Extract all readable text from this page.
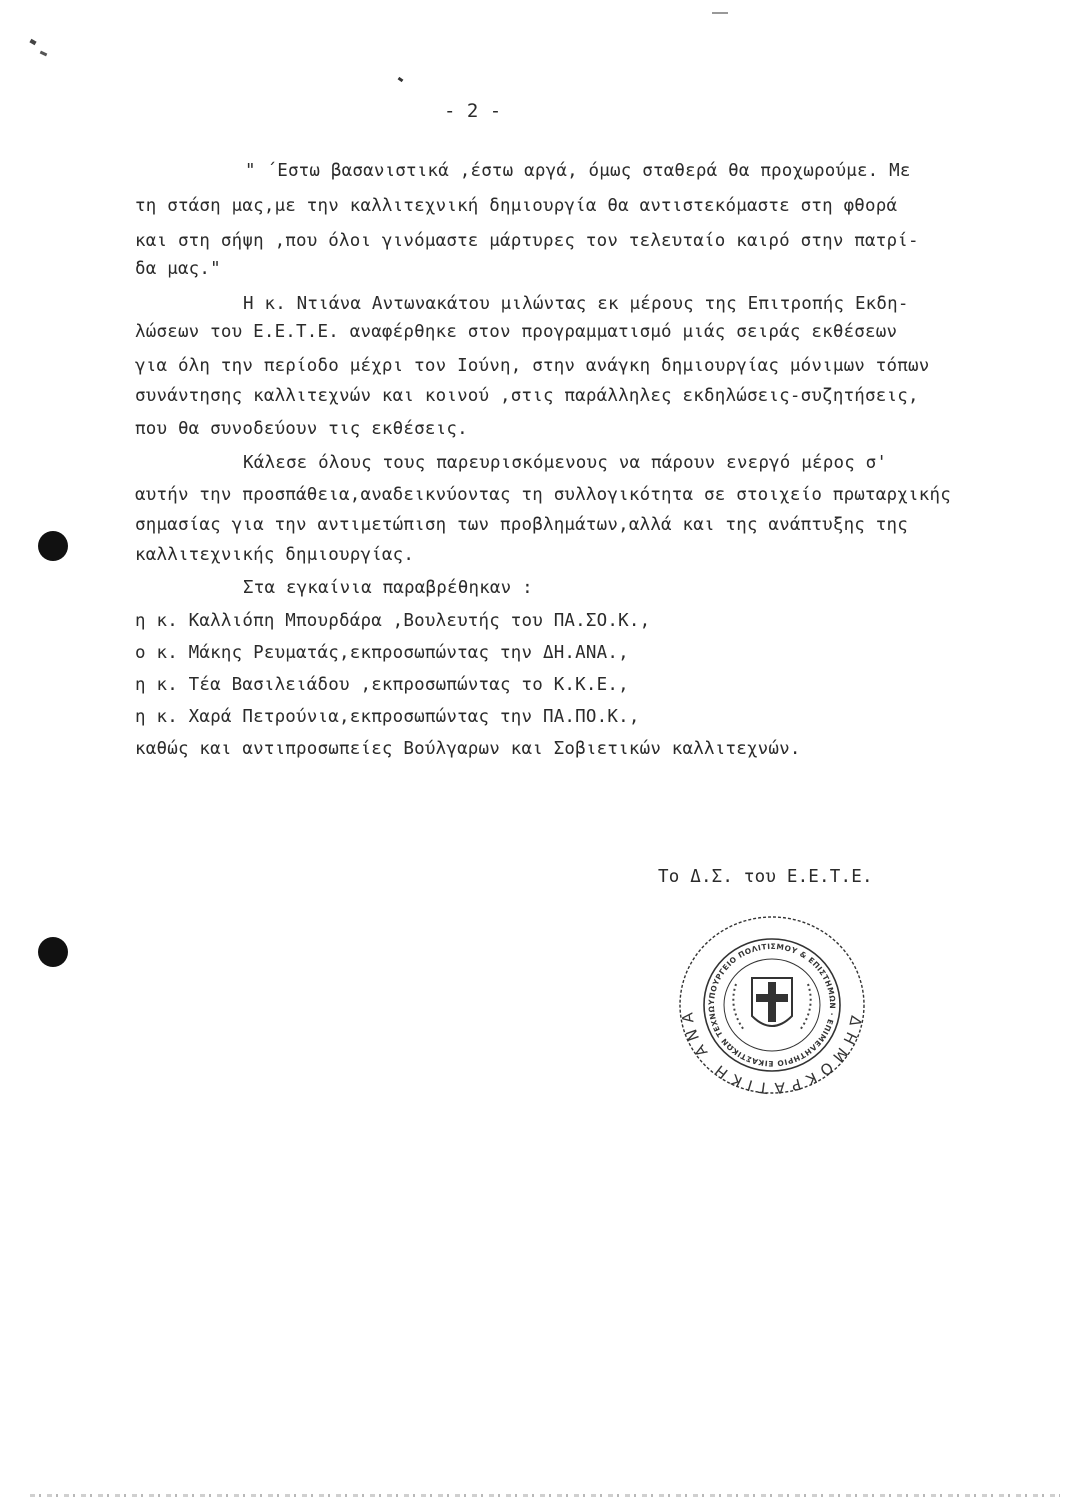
- 2 -
" ΄Εστω βασανιστικά ,έστω αργά, όμως σταθερά θα προχωρούμε. Με
τη στάση μας,με την καλλιτεχνική δημιουργία θα αντιστεκόμαστε στη φθορά
και στη σήψη ,που όλοι γινόμαστε μάρτυρες τον τελευταίο καιρό στην πατρί-
δα μας."
Η κ. Ντιάνα Αντωνακάτου μιλώντας εκ μέρους της Επιτροπής Εκδη-
λώσεων του Ε.Ε.Τ.Ε. αναφέρθηκε στον προγραμματισμό μιάς σειράς εκθέσεων
για όλη την περίοδο μέχρι τον Ιούνη, στην ανάγκη δημιουργίας μόνιμων τόπων
συνάντησης καλλιτεχνών και κοινού ,στις παράλληλες εκδηλώσεις-συζητήσεις,
που θα συνοδεύουν τις εκθέσεις.
Κάλεσε όλους τους παρευρισκόμενους να πάρουν ενεργό μέρος σ'
αυτήν την προσπάθεια,αναδεικνύοντας τη συλλογικότητα σε στοιχείο πρωταρχικής
σημασίας για την αντιμετώπιση των προβλημάτων,αλλά και της ανάπτυξης της
καλλιτεχνικής δημιουργίας.
Στα εγκαίνια παραβρέθηκαν :
η κ. Καλλιόπη Μπουρδάρα ,Βουλευτής του ΠΑ.ΣΟ.Κ.,
ο κ. Μάκης Ρευματάς,εκπροσωπώντας την ΔΗ.ΑΝΑ.,
η κ. Τέα Βασιλειάδου ,εκπροσωπώντας το Κ.Κ.Ε.,
η κ. Χαρά Πετρούνια,εκπροσωπώντας την ΠΑ.ΠΟ.Κ.,
καθώς και αντιπροσωπείες Βούλγαρων και Σοβιετικών καλλιτεχνών.
Το Δ.Σ. του Ε.Ε.Τ.Ε.
ΔΗΜΟΚΡΑΤΙΚΗ ΑΝΑ
ΥΠΟΥΡΓΕΙΟ ΠΟΛΙΤΙΣΜΟΥ & ΕΠΙΣΤΗΜΩΝ · ΕΠΙΜΕΛΗΤΗΡΙΟ ΕΙΚΑΣΤΙΚΩΝ ΤΕΧΝΩ
